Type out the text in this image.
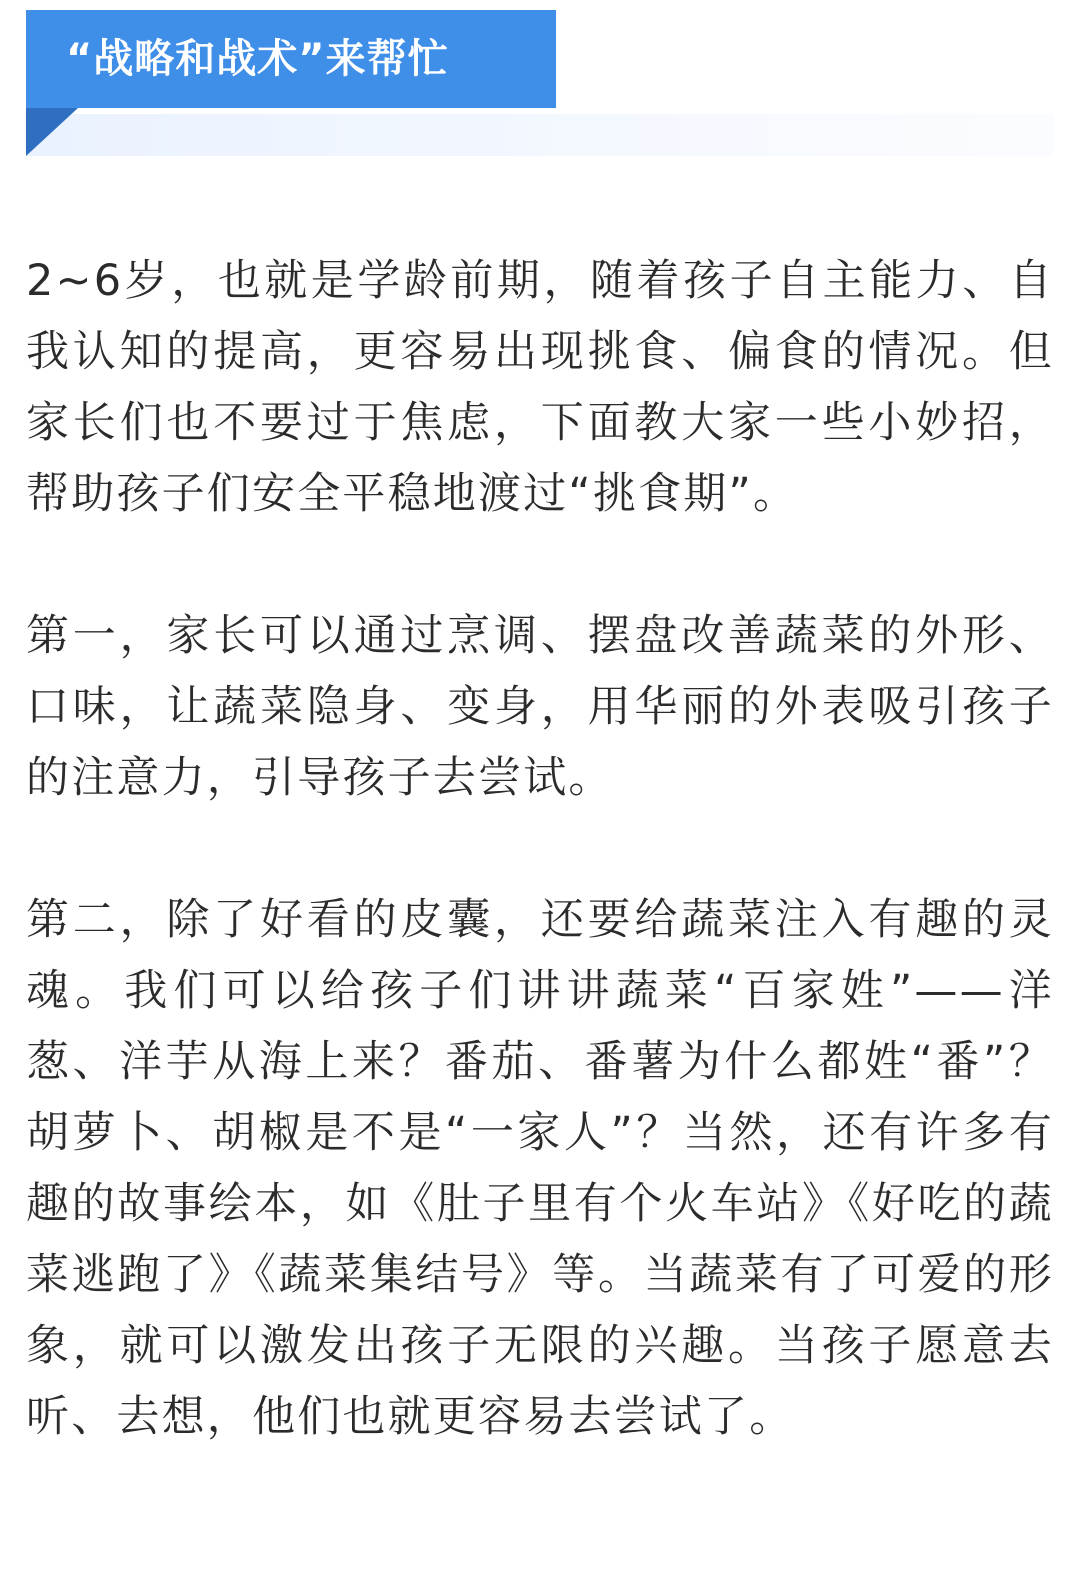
“战略和战术”来帮忙

2~6岁，也就是学龄前期，随着孩子自主能力、自我认知的提高，更容易出现挑食、偏食的情况。但家长们也不要过于焦虑，下面教大家一些小妙招，帮助孩子们安全平稳地渡过“挑食期”。

第一，家长可以通过烹调、摆盘改善蔬菜的外形、口味，让蔬菜隐身、变身，用华丽的外表吸引孩子的注意力，引导孩子去尝试。

第二，除了好看的皮囊，还要给蔬菜注入有趣的灵魂。我们可以给孩子们讲讲蔬菜“百家姓”——洋葱、洋芋从海上来？番茄、番薯为什么都姓“番”？胡萝卜、胡椒是不是“一家人”？当然，还有许多有趣的故事绘本，如《肚子里有个火车站》《好吃的蔬菜逃跑了》《蔬菜集结号》等。当蔬菜有了可爱的形象，就可以激发出孩子无限的兴趣。当孩子愿意去听、去想，他们也就更容易去尝试了。
